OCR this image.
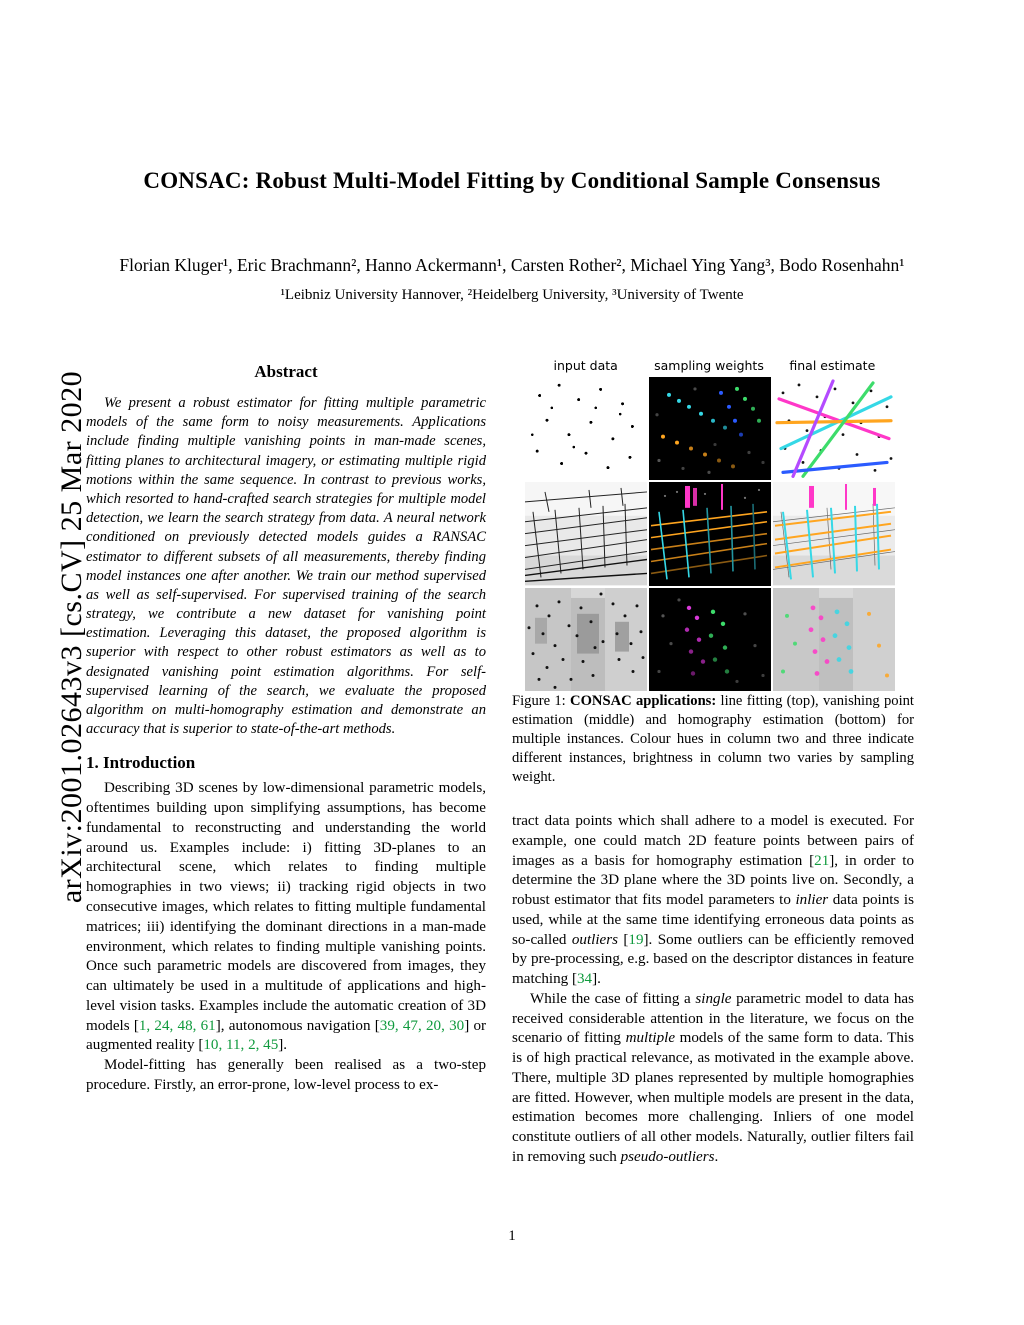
arXiv:2001.02643v3 [cs.CV] 25 Mar 2020
CONSAC: Robust Multi-Model Fitting by Conditional Sample Consensus
Florian Kluger¹, Eric Brachmann², Hanno Ackermann¹, Carsten Rother², Michael Ying Yang³, Bodo Rosenhahn¹
¹Leibniz University Hannover, ²Heidelberg University, ³University of Twente
Abstract

We present a robust estimator for fitting multiple parametric models of the same form to noisy measurements. Applications include finding multiple vanishing points in man-made scenes, fitting planes to architectural imagery, or estimating multiple rigid motions within the same sequence. In contrast to previous works, which resorted to hand-crafted search strategies for multiple model detection, we learn the search strategy from data. A neural network conditioned on previously detected models guides a RANSAC estimator to different subsets of all measurements, thereby finding model instances one after another. We train our method supervised as well as self-supervised. For supervised training of the search strategy, we contribute a new dataset for vanishing point estimation. Leveraging this dataset, the proposed algorithm is superior with respect to other robust estimators as well as to designated vanishing point estimation algorithms. For self-supervised learning of the search, we evaluate the proposed algorithm on multi-homography estimation and demonstrate an accuracy that is superior to state-of-the-art methods.

1. Introduction

Describing 3D scenes by low-dimensional parametric models, oftentimes building upon simplifying assumptions, has become fundamental to reconstructing and understanding the world around us. Examples include: i) fitting 3D-planes to an architectural scene, which relates to finding multiple homographies in two views; ii) tracking rigid objects in two consecutive images, which relates to fitting multiple fundamental matrices; iii) identifying the dominant directions in a man-made environment, which relates to finding multiple vanishing points. Once such parametric models are discovered from images, they can ultimately be used in a multitude of applications and high-level vision tasks. Examples include the automatic creation of 3D models [1, 24, 48, 61], autonomous navigation [39, 47, 20, 30] or augmented reality [10, 11, 2, 45].

Model-fitting has generally been realised as a two-step procedure. Firstly, an error-prone, low-level process to ex-

input data	sampling weights	final estimate
Figure 1: CONSAC applications: line fitting (top), vanishing point estimation (middle) and homography estimation (bottom) for multiple instances. Colour hues in column two and three indicate different instances, brightness in column two varies by sampling weight.

tract data points which shall adhere to a model is executed. For example, one could match 2D feature points between pairs of images as a basis for homography estimation [21], in order to determine the 3D plane where the 3D points live on. Secondly, a robust estimator that fits model parameters to inlier data points is used, while at the same time identifying erroneous data points as so-called outliers [19]. Some outliers can be efficiently removed by pre-processing, e.g. based on the descriptor distances in feature matching [34].

While the case of fitting a single parametric model to data has received considerable attention in the literature, we focus on the scenario of fitting multiple models of the same form to data. This is of high practical relevance, as motivated in the example above. There, multiple 3D planes represented by multiple homographies are fitted. However, when multiple models are present in the data, estimation becomes more challenging. Inliers of one model constitute outliers of all other models. Naturally, outlier filters fail in removing such pseudo-outliers.

1
